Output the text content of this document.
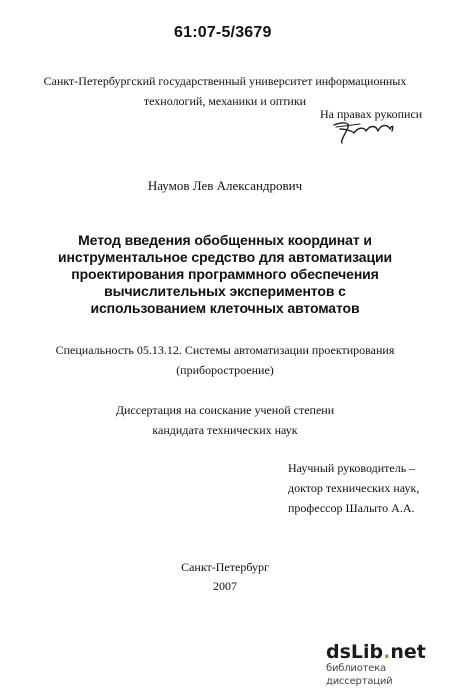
61:07-5/3679
Санкт-Петербургский государственный университет информационных
технологий, механики и оптики
На правах рукописи
Наумов Лев Александрович
Метод введения обобщенных координат и
инструментальное средство для автоматизации
проектирования программного обеспечения
вычислительных экспериментов с
использованием клеточных автоматов
Специальность 05.13.12. Системы автоматизации проектирования
(приборостроение)
Диссертация на соискание ученой степени
кандидата технических наук
Научный руководитель –
доктор технических наук,
профессор Шалыто А.А.
Санкт-Петербург
2007
dsLib.net
библиотека диссертаций
